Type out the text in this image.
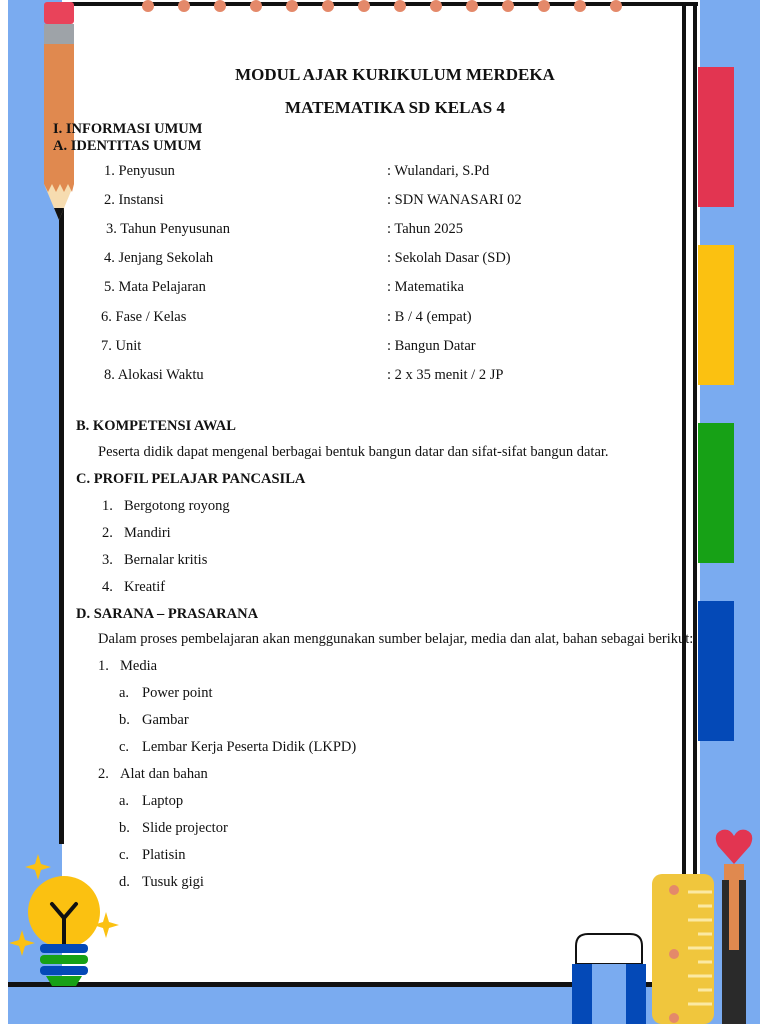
MODUL AJAR KURIKULUM MERDEKA
MATEMATIKA SD KELAS 4
I. INFORMASI UMUM
A. IDENTITAS UMUM
1. Penyusun	: Wulandari, S.Pd
2. Instansi	: SDN WANASARI 02
3. Tahun Penyusunan	: Tahun 2025
4. Jenjang Sekolah	: Sekolah Dasar (SD)
5. Mata Pelajaran	: Matematika
6. Fase / Kelas	: B / 4 (empat)
7. Unit	: Bangun Datar
8. Alokasi Waktu	: 2 x 35 menit / 2 JP
B. KOMPETENSI AWAL
Peserta didik dapat mengenal berbagai bentuk bangun datar dan sifat-sifat bangun datar.
C. PROFIL PELAJAR PANCASILA
1. Bergotong royong
2. Mandiri
3. Bernalar kritis
4. Kreatif
D. SARANA – PRASARANA
Dalam proses pembelajaran akan menggunakan sumber belajar, media dan alat, bahan sebagai berikut:
1. Media
a. Power point
b. Gambar
c. Lembar Kerja Peserta Didik (LKPD)
2. Alat dan bahan
a. Laptop
b. Slide projector
c. Platisin
d. Tusuk gigi
